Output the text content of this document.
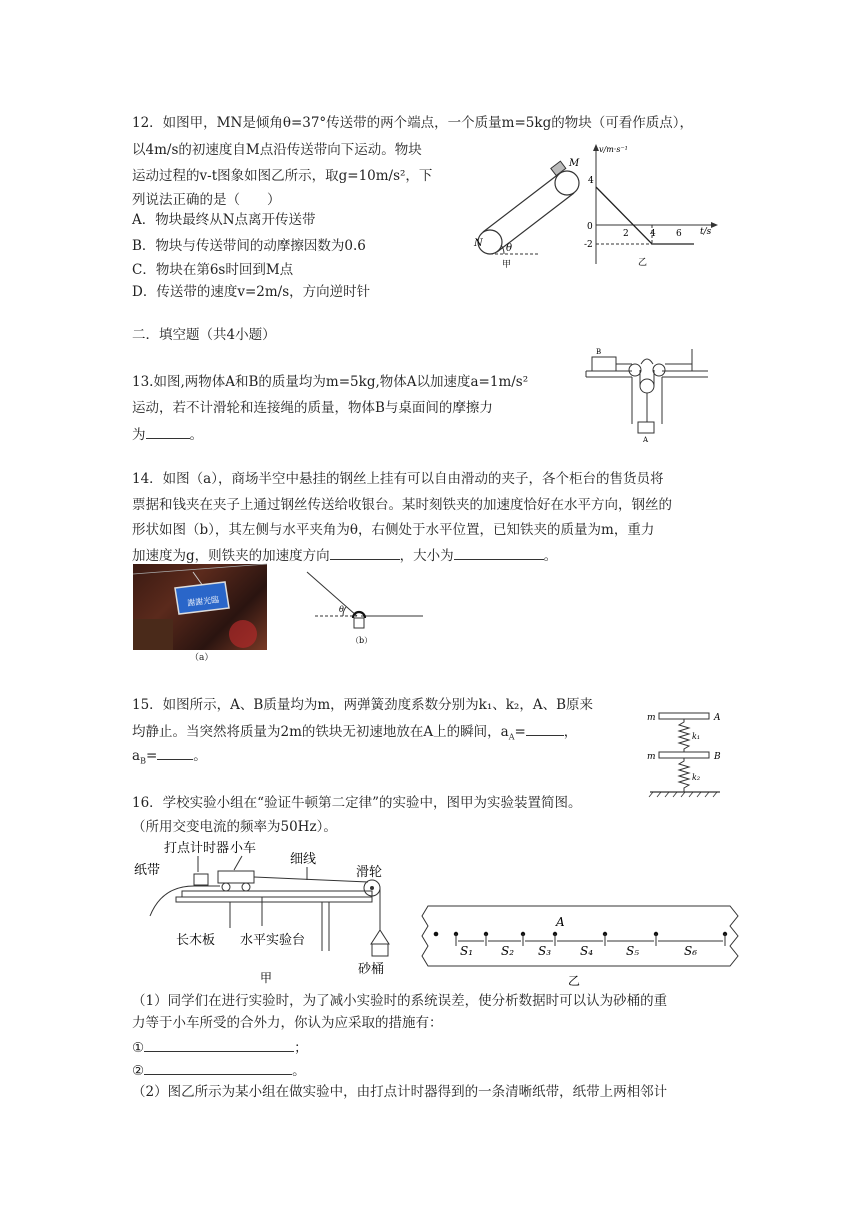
12．如图甲，MN是倾角θ=37°传送带的两个端点，一个质量m=5kg的物块（可看作质点），
以4m/s的初速度自M点沿传送带向下运动。物块
运动过程的v-t图象如图乙所示，取g=10m/s²，下
列说法正确的是（　　）
A．物块最终从N点离开传送带
B．物块与传送带间的动摩擦因数为0.6
C．物块在第6s时回到M点
D．传送带的速度v=2m/s，方向逆时针
θ
M
N
甲
v/m·s⁻¹
t/s
0
4
-2
2 4 6
乙
二．填空题（共4小题）
13.如图,两物体A和B的质量均为m=5kg,物体A以加速度a=1m/s²
运动，若不计滑轮和连接绳的质量，物体B与桌面间的摩擦力
为	。
B
A
14．如图（a），商场半空中悬挂的钢丝上挂有可以自由滑动的夹子，各个柜台的售货员将
票据和钱夹在夹子上通过钢丝传送给收银台。某时刻铁夹的加速度恰好在水平方向，钢丝的
形状如图（b），其左侧与水平夹角为θ，右侧处于水平位置，已知铁夹的质量为m，重力
加速度为g，则铁夹的加速度方向	，大小为	。
謝謝光臨
（a）
θ
（b）
15．如图所示，A、B质量均为m，两弹簧劲度系数分别为k₁、k₂，A、B原来
均静止。当突然将质量为2m的铁块无初速地放在A上的瞬间，$a_A=$	，
$a_B=$	。
m	A
k₁
m	B
k₂
16．学校实验小组在“验证牛顿第二定律”的实验中，图甲为实验装置简图。
（所用交变电流的频率为50Hz）。
打点计时器 小车
细线
纸带	滑轮
长木板 水平实验台
砂桶
甲
A
S₁ S₂ S₃ S₄	S₅	S₆
乙
（1）同学们在进行实验时，为了减小实验时的系统误差，使分析数据时可以认为砂桶的重
力等于小车所受的合外力，你认为应采取的措施有：
①	；
②	。
（2）图乙所示为某小组在做实验中，由打点计时器得到的一条清晰纸带，纸带上两相邻计
